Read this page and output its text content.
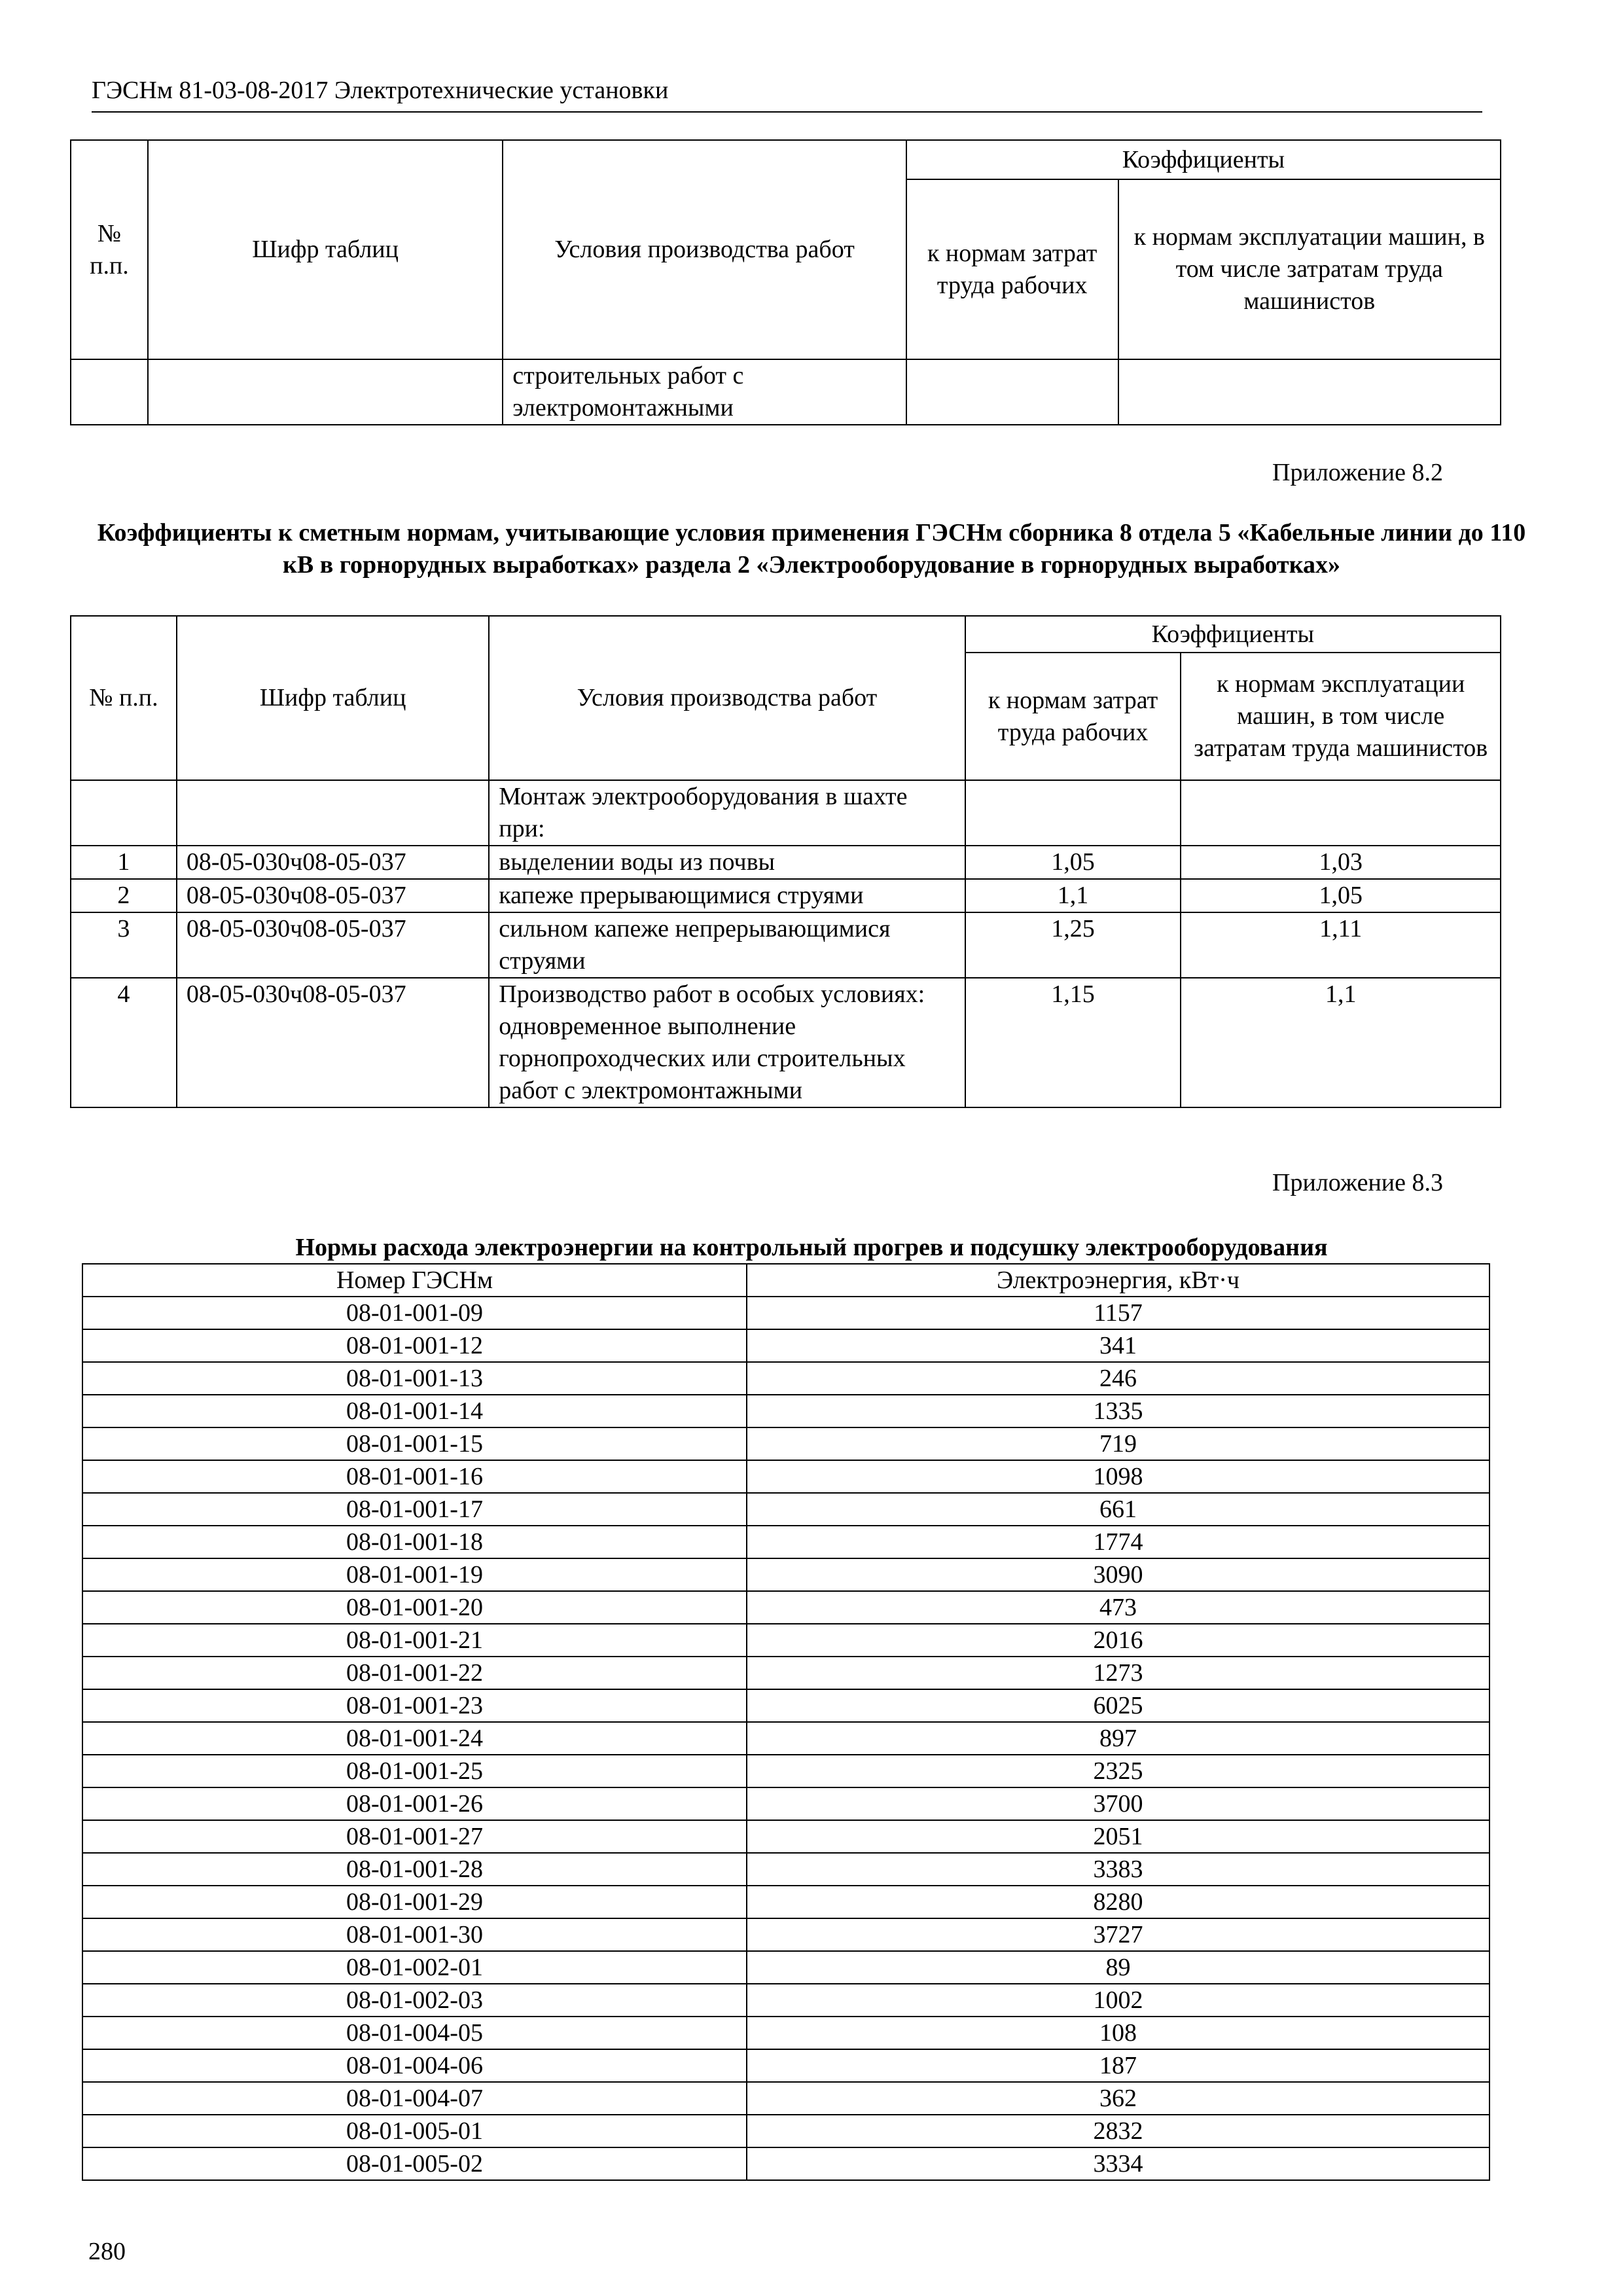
ГЭСНм 81-03-08-2017 Электротехнические установки
№ п.п.	Шифр таблиц	Условия производства работ	Коэффициенты	
			к нормам затрат труда рабочих	к нормам эксплуатации машин, в том числе затратам труда машинистов
		строительных работ с электромонтажными		
Приложение 8.2
Коэффициенты к сметным нормам, учитывающие условия применения ГЭСНм сборника 8 отдела 5 «Кабельные линии до 110 кВ в горнорудных выработках» раздела 2 «Электрооборудование в горнорудных выработках»
№ п.п.	Шифр таблиц	Условия производства работ	Коэффициенты	
			к нормам затрат труда рабочих	к нормам эксплуатации машин, в том числе затратам труда машинистов
		Монтаж электрооборудования в шахте при:		
1	08-05-030ч08-05-037	выделении воды из почвы	1,05	1,03
2	08-05-030ч08-05-037	капеже прерывающимися струями	1,1	1,05
3	08-05-030ч08-05-037	сильном капеже непрерывающимися струями	1,25	1,11
4	08-05-030ч08-05-037	Производство работ в особых условиях: одновременное выполнение горнопроходческих или строительных работ с электромонтажными	1,15	1,1
Приложение 8.3
Нормы расхода электроэнергии на контрольный прогрев и подсушку электрооборудования
Номер ГЭСНм	Электроэнергия, кВт·ч
08-01-001-09	1157
08-01-001-12	341
08-01-001-13	246
08-01-001-14	1335
08-01-001-15	719
08-01-001-16	1098
08-01-001-17	661
08-01-001-18	1774
08-01-001-19	3090
08-01-001-20	473
08-01-001-21	2016
08-01-001-22	1273
08-01-001-23	6025
08-01-001-24	897
08-01-001-25	2325
08-01-001-26	3700
08-01-001-27	2051
08-01-001-28	3383
08-01-001-29	8280
08-01-001-30	3727
08-01-002-01	89
08-01-002-03	1002
08-01-004-05	108
08-01-004-06	187
08-01-004-07	362
08-01-005-01	2832
08-01-005-02	3334
280
